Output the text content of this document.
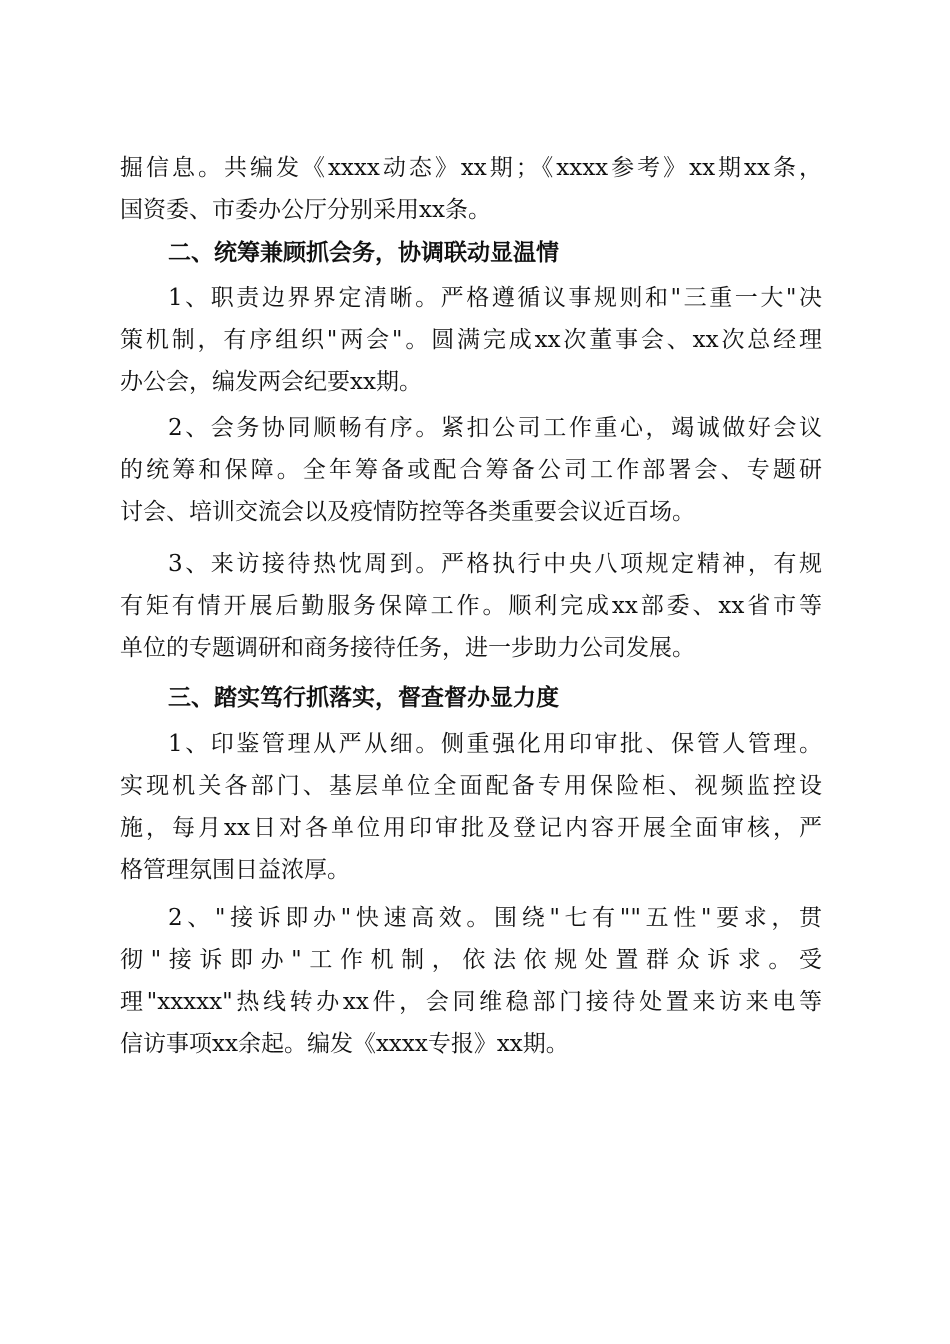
掘信息。共编发《xxxx动态》xx期；《xxxx参考》xx期xx条，
国资委、市委办公厅分别采用xx条。
二、统筹兼顾抓会务，协调联动显温情
1、职责边界界定清晰。严格遵循议事规则和"三重一大"决
策机制，有序组织"两会"。圆满完成xx次董事会、xx次总经理
办公会，编发两会纪要xx期。
2、会务协同顺畅有序。紧扣公司工作重心，竭诚做好会议
的统筹和保障。全年筹备或配合筹备公司工作部署会、专题研
讨会、培训交流会以及疫情防控等各类重要会议近百场。
3、来访接待热忱周到。严格执行中央八项规定精神，有规
有矩有情开展后勤服务保障工作。顺利完成xx部委、xx省市等
单位的专题调研和商务接待任务，进一步助力公司发展。
三、踏实笃行抓落实，督查督办显力度
1、印鉴管理从严从细。侧重强化用印审批、保管人管理。
实现机关各部门、基层单位全面配备专用保险柜、视频监控设
施，每月xx日对各单位用印审批及登记内容开展全面审核，严
格管理氛围日益浓厚。
2、"接诉即办"快速高效。围绕"七有""五性"要求，贯
彻"接诉即办"工作机制，依法依规处置群众诉求。受
理"xxxxx"热线转办xx件，会同维稳部门接待处置来访来电等
信访事项xx余起。编发《xxxx专报》xx期。
